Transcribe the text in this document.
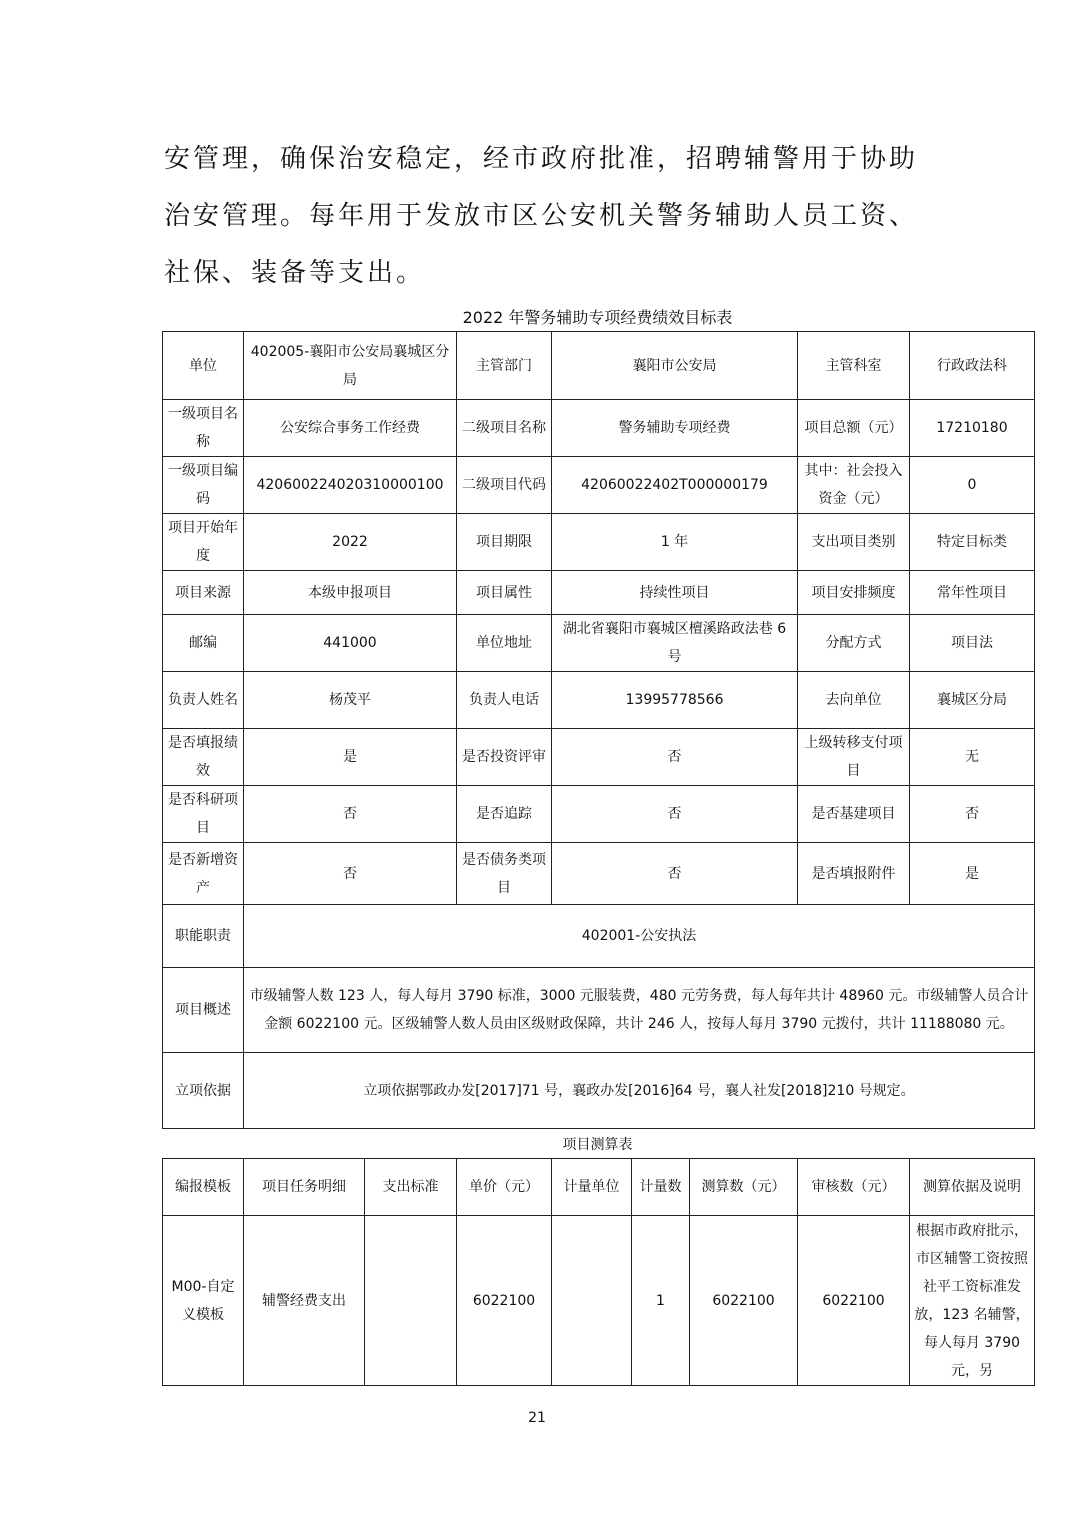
安管理，确保治安稳定，经市政府批准，招聘辅警用于协助

治安管理。每年用于发放市区公安机关警务辅助人员工资、

社保、装备等支出。

2022 年警务辅助专项经费绩效目标表
单位	402005-襄阳市公安局襄城区分局	主管部门	襄阳市公安局	主管科室	行政政法科
一级项目名称	公安综合事务工作经费	二级项目名称	警务辅助专项经费	项目总额（元）	17210180
一级项目编码	420600224020310000100	二级项目代码	42060022402T000000179	其中：社会投入资金（元）	0
项目开始年度	2022	项目期限	1 年	支出项目类别	特定目标类
项目来源	本级申报项目	项目属性	持续性项目	项目安排频度	常年性项目
邮编	441000	单位地址	湖北省襄阳市襄城区檀溪路政法巷 6 号	分配方式	项目法
负责人姓名	杨茂平	负责人电话	13995778566	去向单位	襄城区分局
是否填报绩效	是	是否投资评审	否	上级转移支付项目	无
是否科研项目	否	是否追踪	否	是否基建项目	否
是否新增资产	否	是否债务类项目	否	是否填报附件	是
职能职责	402001-公安执法				
项目概述	市级辅警人数 123 人，每人每月 3790 标准，3000 元服装费，480 元劳务费，每人每年共计 48960 元。市级辅警人员合计金额 6022100 元。区级辅警人数人员由区级财政保障，共计 246 人，按每人每月 3790 元拨付，共计 11188080 元。				
立项依据	立项依据鄂政办发[2017]71 号，襄政办发[2016]64 号，襄人社发[2018]210 号规定。				
项目测算表
编报模板	项目任务明细	支出标准	单价（元）	计量单位	计量数	测算数（元）	审核数（元）	测算依据及说明
M00-自定义模板	辅警经费支出		6022100		1	6022100	6022100	根据市政府批示，市区辅警工资按照社平工资标准发放，123 名辅警，每人每月 3790 元，另
21
